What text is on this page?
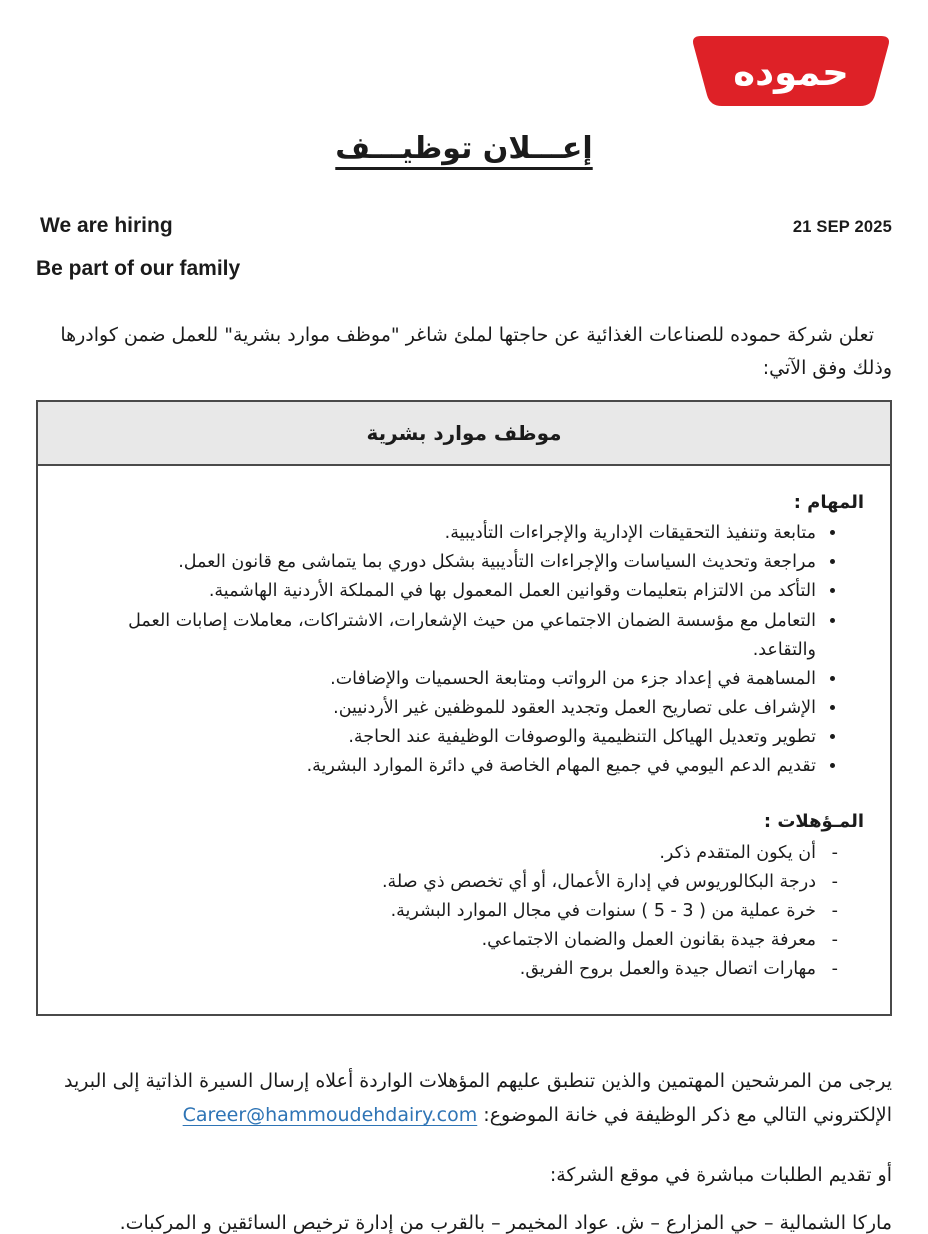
حموده
إعـــلان توظيـــف
We are hiring
Be part of our family
21 SEP 2025

تعلن شركة حموده للصناعات الغذائية عن حاجتها لملئ شاغر "موظف موارد بشرية" للعمل ضمن كوادرها وذلك وفق الآتي:

موظف موارد بشرية
المهام :
• متابعة وتنفيذ التحقيقات الإدارية والإجراءات التأديبية.
• مراجعة وتحديث السياسات والإجراءات التأديبية بشكل دوري بما يتماشى مع قانون العمل.
• التأكد من الالتزام بتعليمات وقوانين العمل المعمول بها في المملكة الأردنية الهاشمية.
• التعامل مع مؤسسة الضمان الاجتماعي من حيث الإشعارات، الاشتراكات، معاملات إصابات العمل والتقاعد.
• المساهمة في إعداد جزء من الرواتب ومتابعة الحسميات والإضافات.
• الإشراف على تصاريح العمل وتجديد العقود للموظفين غير الأردنيين.
• تطوير وتعديل الهياكل التنظيمية والوصوفات الوظيفية عند الحاجة.
• تقديم الدعم اليومي في جميع المهام الخاصة في دائرة الموارد البشرية.
المـؤهلات :
- أن يكون المتقدم ذكر.
- درجة البكالوريوس في إدارة الأعمال، أو أي تخصص ذي صلة.
- خرة عملية من ( 3 - 5 ) سنوات في مجال الموارد البشرية.
- معرفة جيدة بقانون العمل والضمان الاجتماعي.
- مهارات اتصال جيدة والعمل بروح الفريق.

يرجى من المرشحين المهتمين والذين تنطبق عليهم المؤهلات الواردة أعلاه إرسال السيرة الذاتية إلى البريد
الإلكتروني التالي مع ذكر الوظيفة في خانة الموضوع: Career@hammoudehdairy.com

أو تقديم الطلبات مباشرة في موقع الشركة:

ماركا الشمالية – حي المزارع – ش. عواد المخيمر – بالقرب من إدارة ترخيص السائقين و المركبات.
